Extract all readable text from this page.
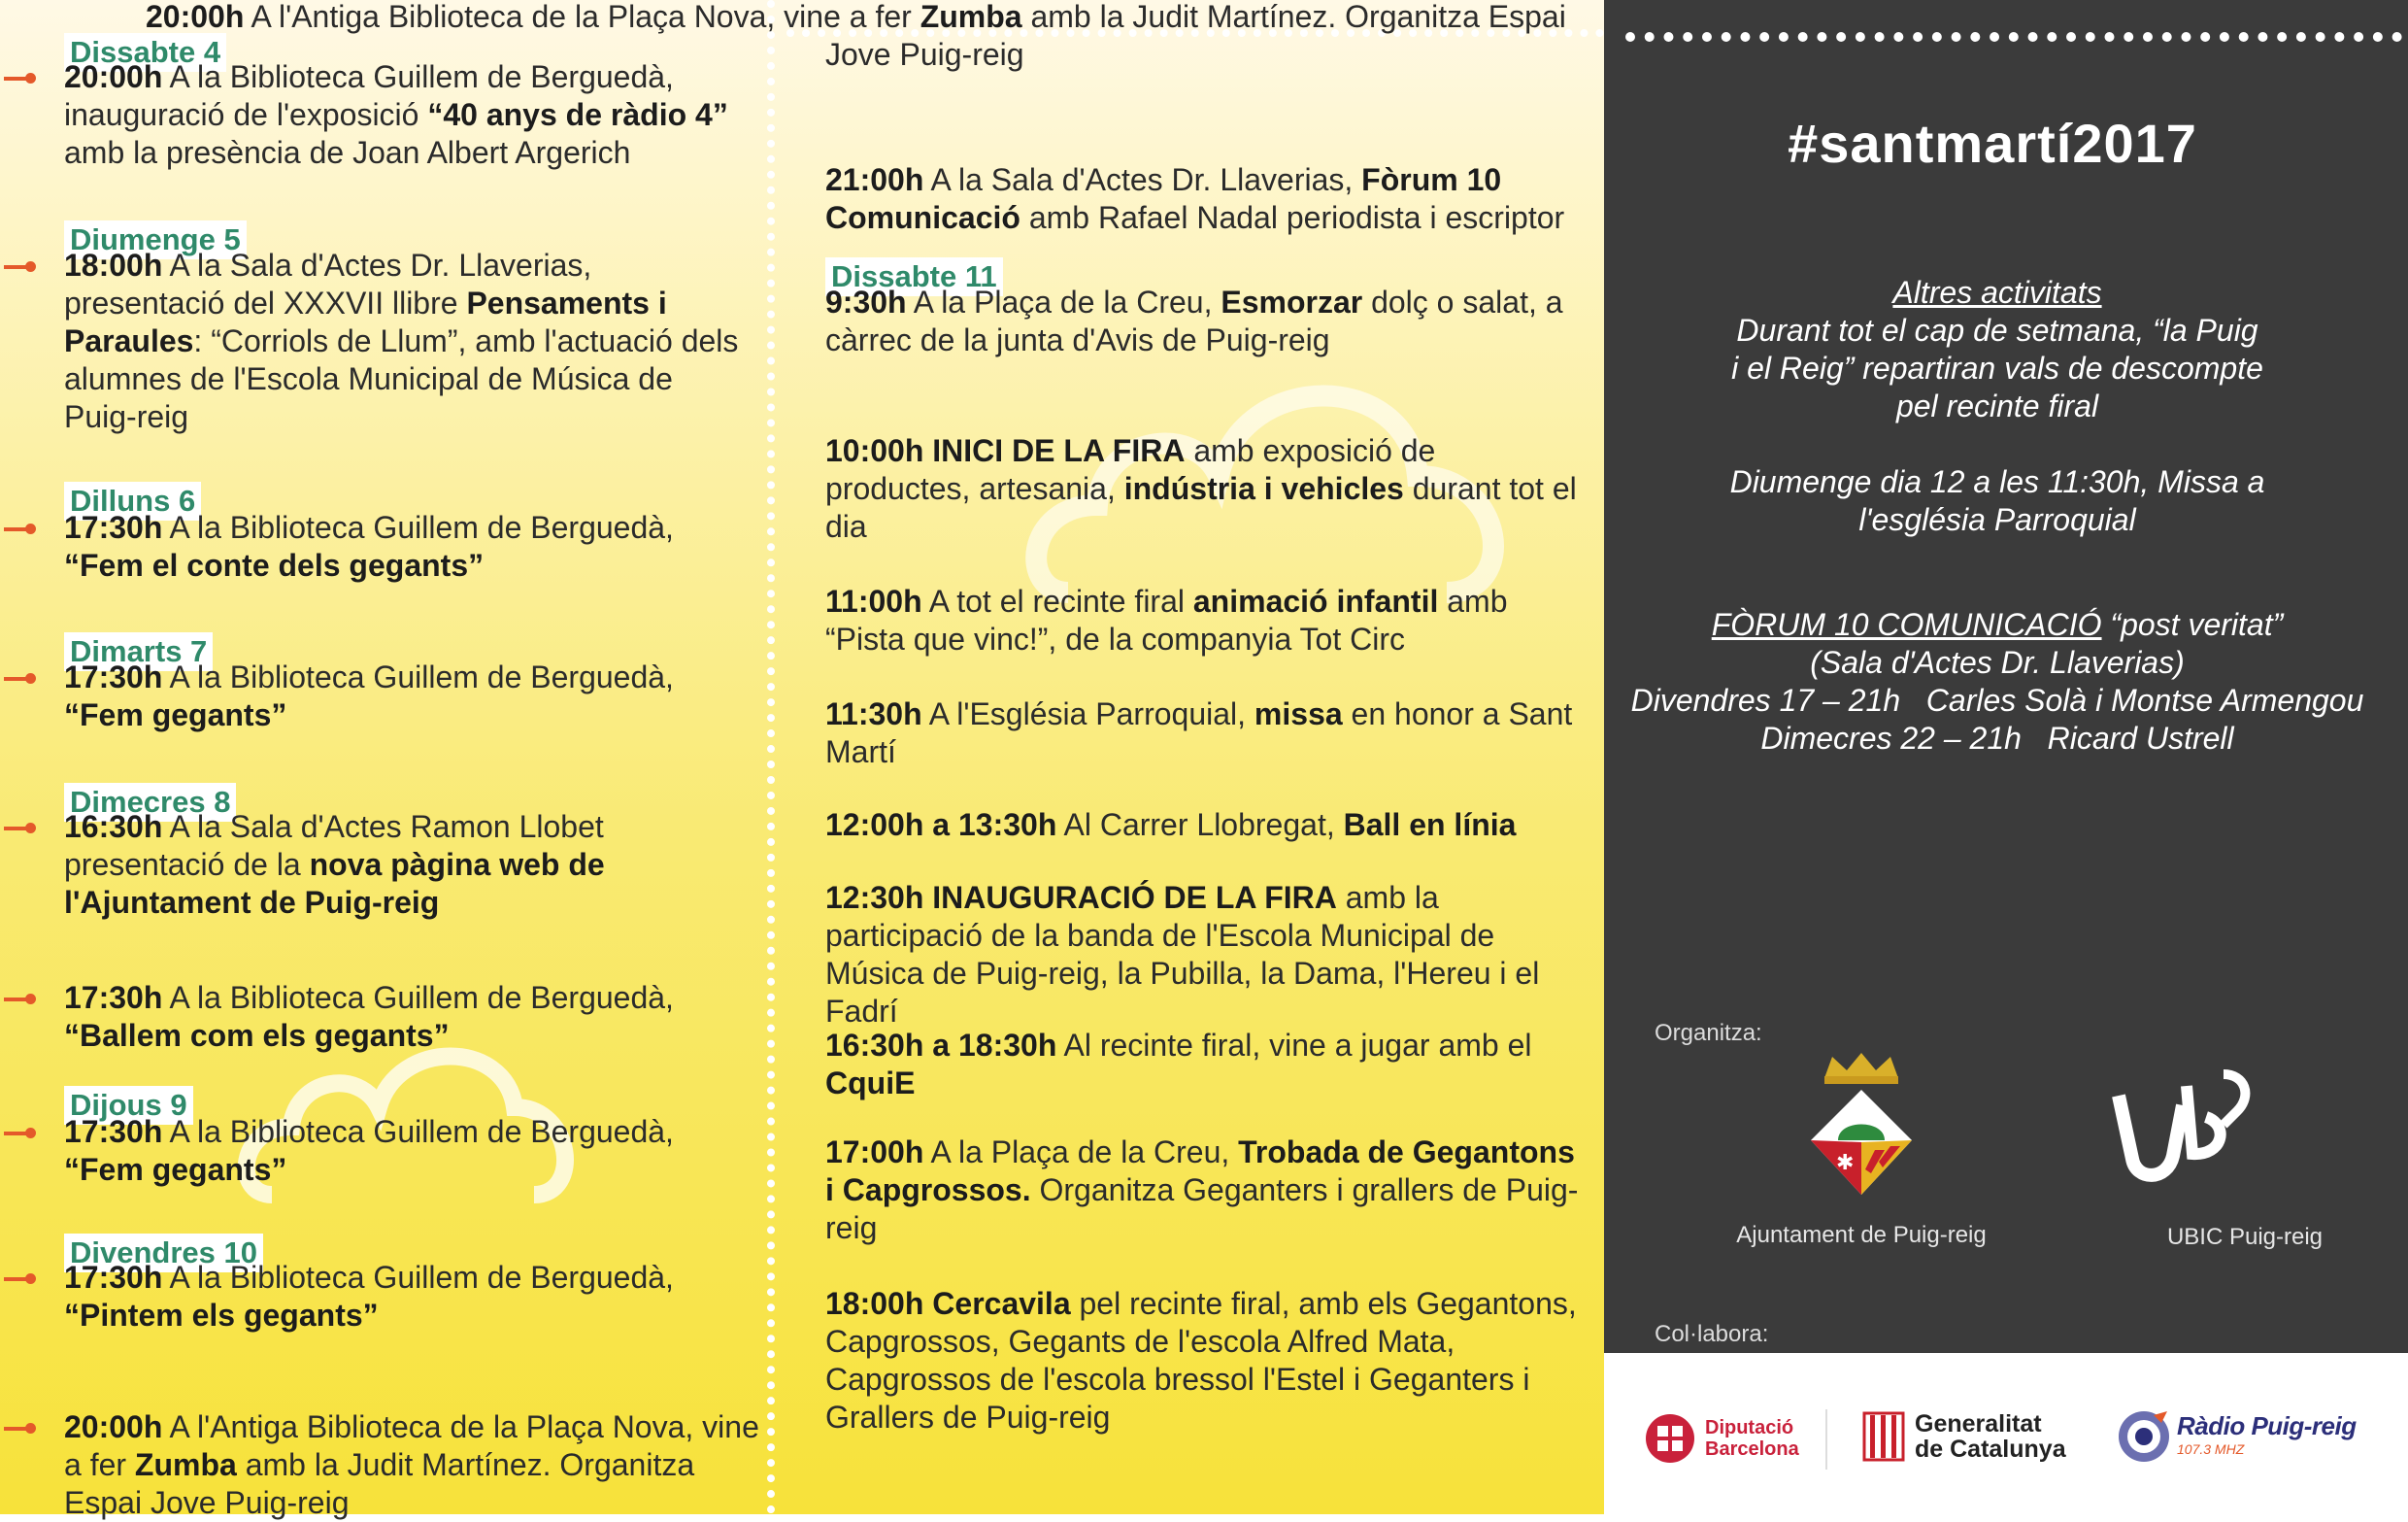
Dissabte 4
20:00h A la Biblioteca Guillem de Berguedà, inauguració de l'exposició “40 anys de ràdio 4” amb la presència de Joan Albert Argerich
Diumenge 5
18:00h A la Sala d'Actes Dr. Llaverias, presentació del XXXVII llibre Pensaments i Paraules: “Corriols de Llum”, amb l'actuació dels alumnes de l'Escola Municipal de Música de Puig-reig
Dilluns 6
17:30h A la Biblioteca Guillem de Berguedà, “Fem el conte dels gegants”
Dimarts 7
17:30h A la Biblioteca Guillem de Berguedà, “Fem gegants”
Dimecres 8
16:30h A la Sala d'Actes Ramon Llobet presentació de la nova pàgina web de l'Ajuntament de Puig-reig
17:30h A la Biblioteca Guillem de Berguedà, “Ballem com els gegants”
Dijous 9
17:30h A la Biblioteca Guillem de Berguedà, “Fem gegants”
Divendres 10
17:30h A la Biblioteca Guillem de Berguedà, “Pintem els gegants”
20:00h A l'Antiga Biblioteca de la Plaça Nova, vine a fer Zumba amb la Judit Martínez. Organitza Espai Jove Puig-reig
Dissabte 11
9:30h A la Plaça de la Creu, Esmorzar dolç o salat, a càrrec de la junta d'Avis de Puig-reig
10:00h INICI DE LA FIRA amb exposició de productes, artesania, indústria i vehicles durant tot el dia
11:00h A tot el recinte firal animació infantil amb “Pista que vinc!”, de la companyia Tot Circ
11:30h A l'Església Parroquial, missa en honor a Sant Martí
12:00h a 13:30h Al Carrer Llobregat, Ball en línia
12:30h INAUGURACIÓ DE LA FIRA amb la participació de la banda de l'Escola Municipal de Música de Puig-reig, la Pubilla, la Dama, l'Hereu i el Fadrí
16:30h a 18:30h Al recinte firal, vine a jugar amb el CquiE
17:00h A la Plaça de la Creu, Trobada de Gegantons i Capgrossos. Organitza Geganters i grallers de Puig-reig
18:00h Cercavila pel recinte firal, amb els Gegantons, Capgrossos, Gegants de l'escola Alfred Mata, Capgrossos de l'escola bressol l'Estel i Geganters i Grallers de Puig-reig
21:00h A la Sala d'Actes Dr. Llaverias, Fòrum 10 Comunicació amb Rafael Nadal periodista i escriptor
20:00h A l'Antiga Biblioteca de la Plaça Nova, vine a fer Zumba amb la Judit Martínez. Organitza Espai Jove Puig-reig
#santmartí2017
Altres activitats
Durant tot el cap de setmana, “la Puig i el Reig” repartiran vals de descompte pel recinte firal
Diumenge dia 12 a les 11:30h, Missa a l'església Parroquial
FÒRUM 10 COMUNICACIÓ “post veritat”
(Sala d'Actes Dr. Llaverias)
Divendres 17 – 21h   Carles Solà i Montse Armengou
Dimecres 22 – 21h   Ricard Ustrell
Organitza:
✱
Ajuntament de Puig-reig	UBIC Puig-reig
Col·labora:
Diputació
Barcelona
Generalitat
de Catalunya
Ràdio Puig-reig
107.3 MHZ
